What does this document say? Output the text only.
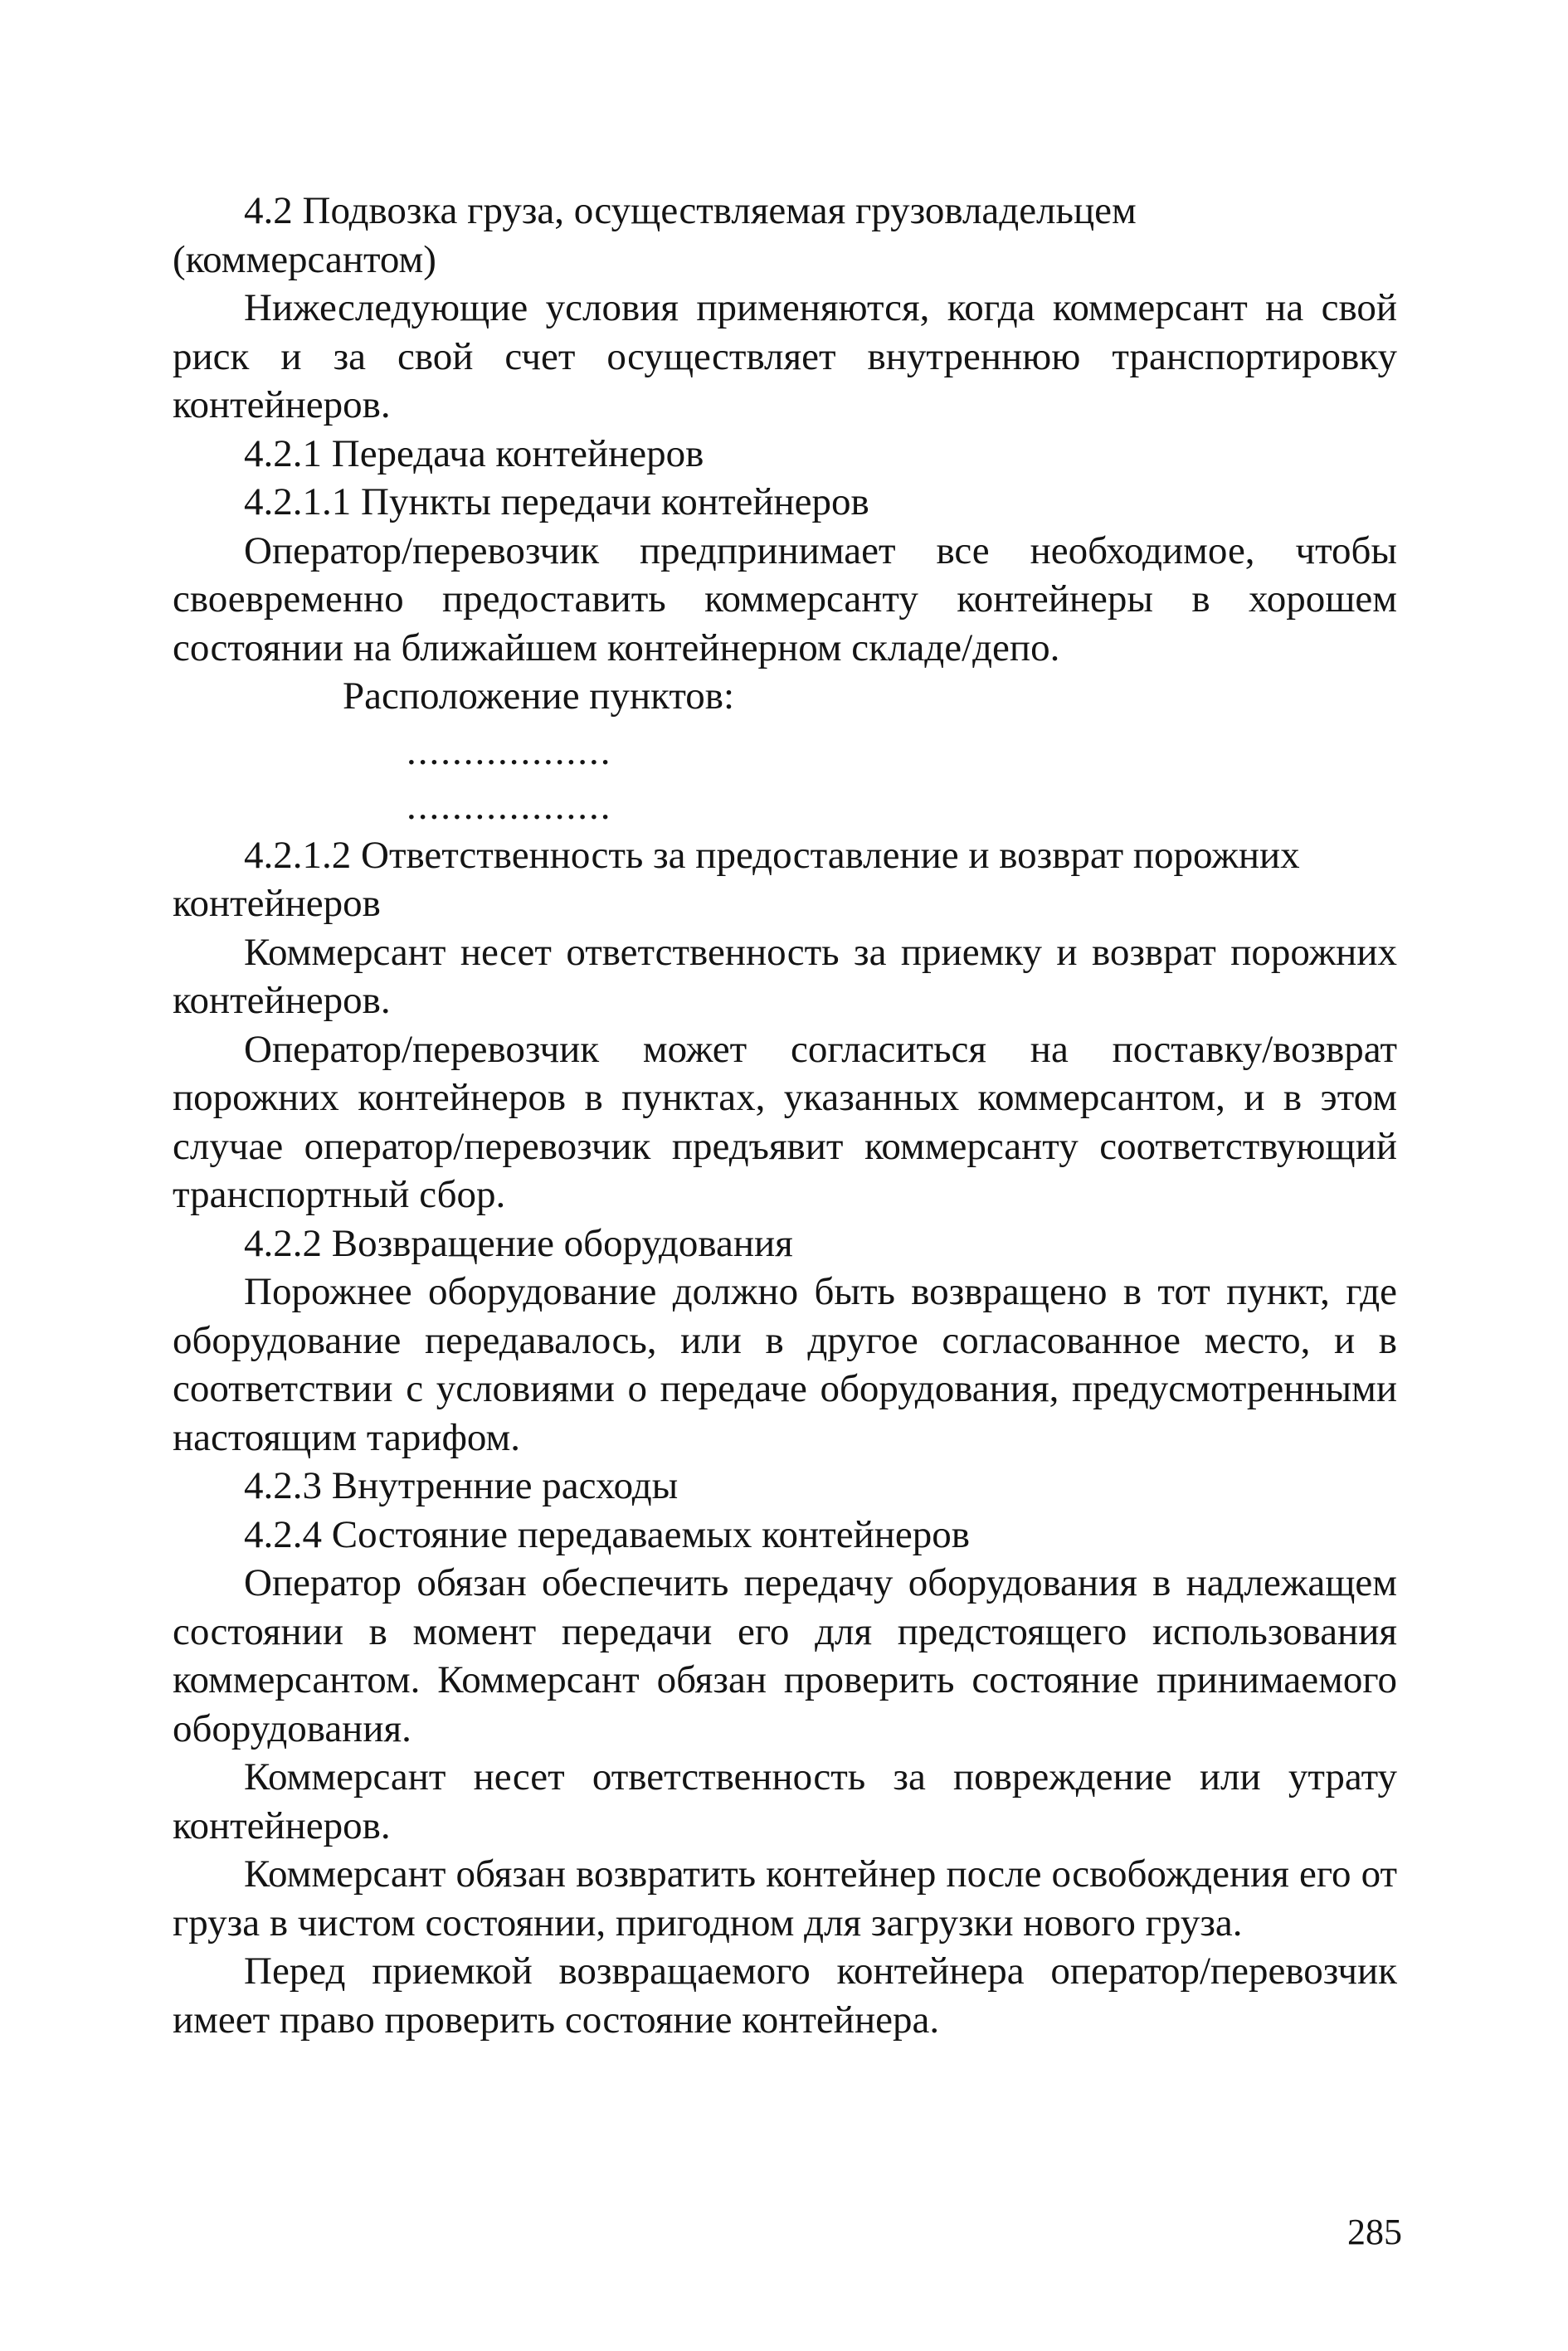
4.2 Подвозка груза, осуществляемая грузовладельцем (коммерсантом)

Нижеследующие условия применяются, когда коммерсант на свой риск и за свой счет осуществляет внутреннюю транспортировку контейнеров.

4.2.1 Передача контейнеров

4.2.1.1 Пункты передачи контейнеров

Оператор/перевозчик предпринимает все необходимое, чтобы своевременно предоставить коммерсанту контейнеры в хорошем состоянии на ближайшем контейнерном складе/депо.

Расположение пунктов:

..................

..................

4.2.1.2 Ответственность за предоставление и возврат порожних контейнеров

Коммерсант несет ответственность за приемку и возврат порожних контейнеров.

Оператор/перевозчик может согласиться на поставку/возврат порожних контейнеров в пунктах, указанных коммерсантом, и в этом случае оператор/перевозчик предъявит коммерсанту соответствующий транспортный сбор.

4.2.2 Возвращение оборудования

Порожнее оборудование должно быть возвращено в тот пункт, где оборудование передавалось, или в другое согласованное место, и в соответствии с условиями о передаче оборудования, предусмотренными настоящим тарифом.

4.2.3 Внутренние расходы

4.2.4 Состояние передаваемых контейнеров

Оператор обязан обеспечить передачу оборудования в надлежащем состоянии в момент передачи его для предстоящего использования коммерсантом. Коммерсант обязан проверить состояние принимаемого оборудования.

Коммерсант несет ответственность за повреждение или утрату контейнеров.

Коммерсант обязан возвратить контейнер после освобождения его от груза в чистом состоянии, пригодном для загрузки нового груза.

Перед приемкой возвращаемого контейнера оператор/перевозчик имеет право проверить состояние контейнера.

285
